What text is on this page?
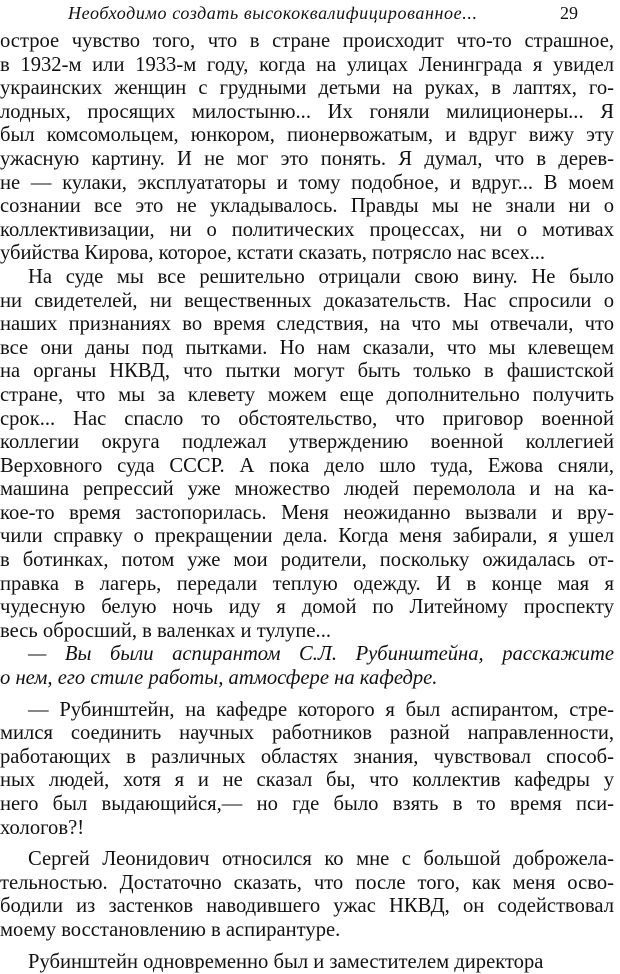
Необходимо создать высококвалифицированное...	29
острое чувство того, что в стране происходит что-то страшное,
в 1932-м или 1933-м году, когда на улицах Ленинграда я увидел
украинских женщин с грудными детьми на руках, в лаптях, го-
лодных, просящих милостыню... Их гоняли милиционеры... Я
был комсомольцем, юнкором, пионервожатым, и вдруг вижу эту
ужасную картину. И не мог это понять. Я думал, что в дерев-
не — кулаки, эксплуататоры и тому подобное, и вдруг... В моем
сознании все это не укладывалось. Правды мы не знали ни о
коллективизации, ни о политических процессах, ни о мотивах
убийства Кирова, которое, кстати сказать, потрясло нас всех...
На суде мы все решительно отрицали свою вину. Не было
ни свидетелей, ни вещественных доказательств. Нас спросили о
наших признаниях во время следствия, на что мы отвечали, что
все они даны под пытками. Но нам сказали, что мы клевещем
на органы НКВД, что пытки могут быть только в фашистской
стране, что мы за клевету можем еще дополнительно получить
срок... Нас спасло то обстоятельство, что приговор военной
коллегии округа подлежал утверждению военной коллегией
Верховного суда СССР. А пока дело шло туда, Ежова сняли,
машина репрессий уже множество людей перемолола и на ка-
кое-то время застопорилась. Меня неожиданно вызвали и вру-
чили справку о прекращении дела. Когда меня забирали, я ушел
в ботинках, потом уже мои родители, поскольку ожидалась от-
правка в лагерь, передали теплую одежду. И в конце мая я
чудесную белую ночь иду я домой по Литейному проспекту
весь обросший, в валенках и тулупе...
— Вы были аспирантом С.Л. Рубинштейна, расскажите
о нем, его стиле работы, атмосфере на кафедре.
— Рубинштейн, на кафедре которого я был аспирантом, стре-
мился соединить научных работников разной направленности,
работающих в различных областях знания, чувствовал способ-
ных людей, хотя я и не сказал бы, что коллектив кафедры у
него был выдающийся,— но где было взять в то время пси-
хологов?!
Сергей Леонидович относился ко мне с большой доброжела-
тельностью. Достаточно сказать, что после того, как меня осво-
бодили из застенков наводившего ужас НКВД, он содействовал
моему восстановлению в аспирантуре.
Рубинштейн одновременно был и заместителем директора
